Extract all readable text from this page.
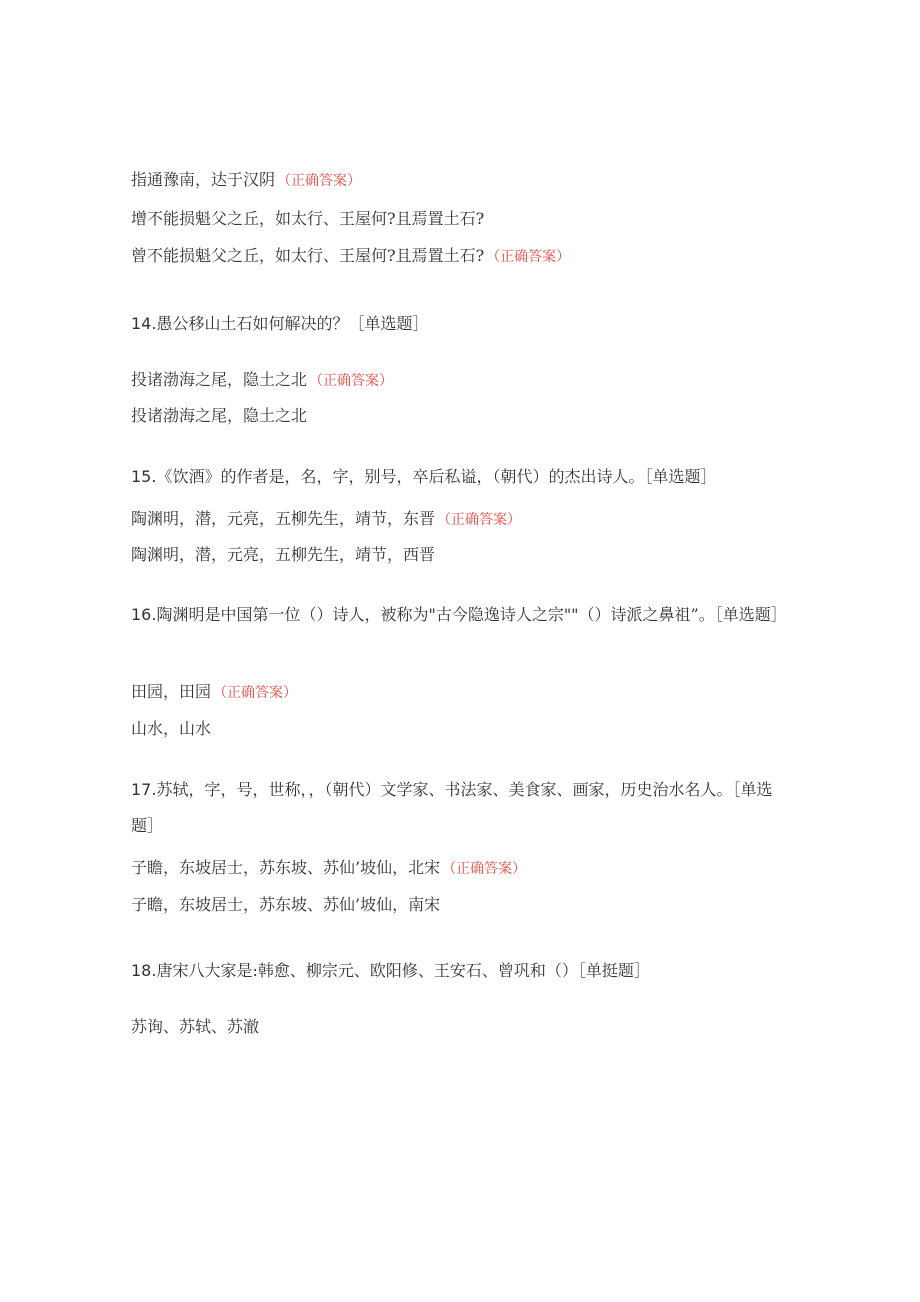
指通豫南，达于汉阴 （正确答案）
增不能损魁父之丘，如太行、王屋何?且焉置土石?
曾不能损魁父之丘，如太行、王屋何?且焉置土石? （正确答案）
14.愚公移山土石如何解决的？［单选题］
投诸渤海之尾，隐土之北 （正确答案）
投诸渤海之尾，隐土之北
15.《饮酒》的作者是，名，字，别号，卒后私谥，（朝代）的杰出诗人。［单选题］
陶渊明，潜，元亮，五柳先生，靖节，东晋 （正确答案）
陶渊明，潜，元亮，五柳先生，靖节，西晋
16.陶渊明是中国第一位（）诗人，被称为"古今隐逸诗人之宗""（）诗派之鼻祖”。［单选题］
田园，田园 （正确答案）
山水，山水
17.苏轼，字，号，世称，，（朝代）文学家、书法家、美食家、画家，历史治水名人。［单选题］
子瞻，东坡居士，苏东坡、苏仙’坡仙，北宋 （正确答案）
子瞻，东坡居士，苏东坡、苏仙’坡仙，南宋
18.唐宋八大家是:韩愈、柳宗元、欧阳修、王安石、曾巩和（）［单挺题］
苏询、苏轼、苏澈
